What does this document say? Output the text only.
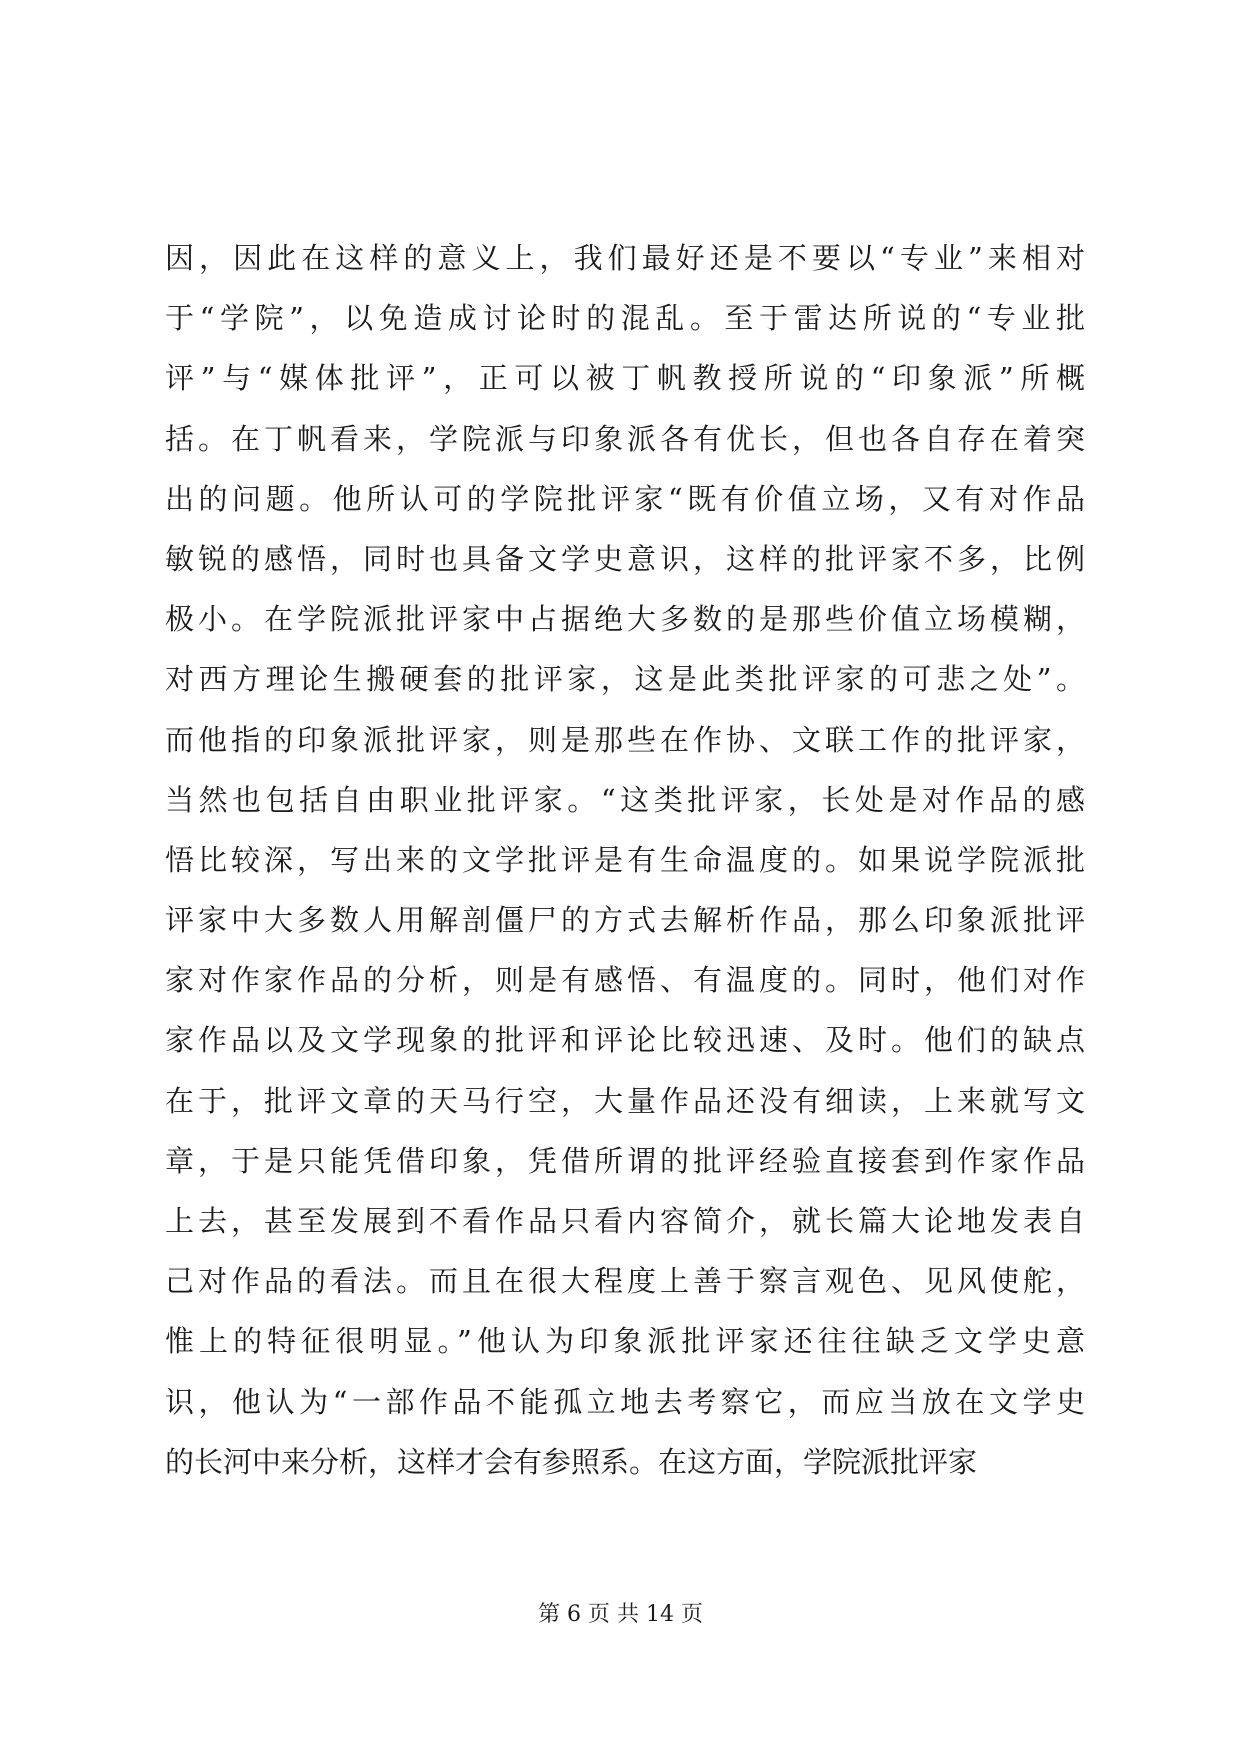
因，因此在这样的意义上，我们最好还是不要以“专业”来相对
于“学院”，以免造成讨论时的混乱。至于雷达所说的“专业批
评”与“媒体批评”，正可以被丁帆教授所说的“印象派”所概
括。在丁帆看来，学院派与印象派各有优长，但也各自存在着突
出的问题。他所认可的学院批评家“既有价值立场，又有对作品
敏锐的感悟，同时也具备文学史意识，这样的批评家不多，比例
极小。在学院派批评家中占据绝大多数的是那些价值立场模糊，
对西方理论生搬硬套的批评家，这是此类批评家的可悲之处”。
而他指的印象派批评家，则是那些在作协、文联工作的批评家，
当然也包括自由职业批评家。“这类批评家，长处是对作品的感
悟比较深，写出来的文学批评是有生命温度的。如果说学院派批
评家中大多数人用解剖僵尸的方式去解析作品，那么印象派批评
家对作家作品的分析，则是有感悟、有温度的。同时，他们对作
家作品以及文学现象的批评和评论比较迅速、及时。他们的缺点
在于，批评文章的天马行空，大量作品还没有细读，上来就写文
章，于是只能凭借印象，凭借所谓的批评经验直接套到作家作品
上去，甚至发展到不看作品只看内容简介，就长篇大论地发表自
己对作品的看法。而且在很大程度上善于察言观色、见风使舵，
惟上的特征很明显。”他认为印象派批评家还往往缺乏文学史意
识，他认为“一部作品不能孤立地去考察它，而应当放在文学史
的长河中来分析，这样才会有参照系。在这方面，学院派批评家
第 6 页 共 14 页
